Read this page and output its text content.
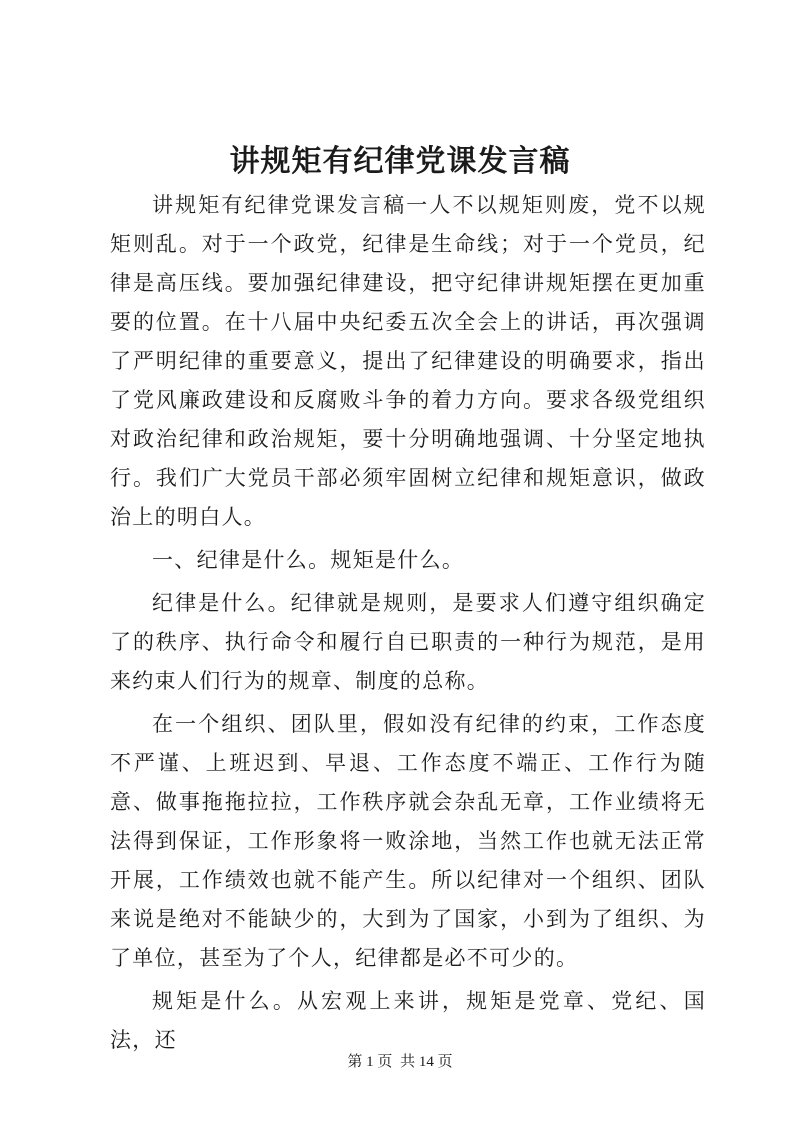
讲规矩有纪律党课发言稿

讲规矩有纪律党课发言稿一人不以规矩则废，党不以规矩则乱。对于一个政党，纪律是生命线；对于一个党员，纪律是高压线。要加强纪律建设，把守纪律讲规矩摆在更加重要的位置。在十八届中央纪委五次全会上的讲话，再次强调了严明纪律的重要意义，提出了纪律建设的明确要求，指出了党风廉政建设和反腐败斗争的着力方向。要求各级党组织对政治纪律和政治规矩，要十分明确地强调、十分坚定地执行。我们广大党员干部必须牢固树立纪律和规矩意识，做政治上的明白人。

一、纪律是什么。规矩是什么。

纪律是什么。纪律就是规则，是要求人们遵守组织确定了的秩序、执行命令和履行自已职责的一种行为规范，是用来约束人们行为的规章、制度的总称。

在一个组织、团队里，假如没有纪律的约束，工作态度不严谨、上班迟到、早退、工作态度不端正、工作行为随意、做事拖拖拉拉，工作秩序就会杂乱无章，工作业绩将无法得到保证，工作形象将一败涂地，当然工作也就无法正常开展，工作绩效也就不能产生。所以纪律对一个组织、团队来说是绝对不能缺少的，大到为了国家，小到为了组织、为了单位，甚至为了个人，纪律都是必不可少的。

规矩是什么。从宏观上来讲，规矩是党章、党纪、国法，还

第 1 页 共 14 页
